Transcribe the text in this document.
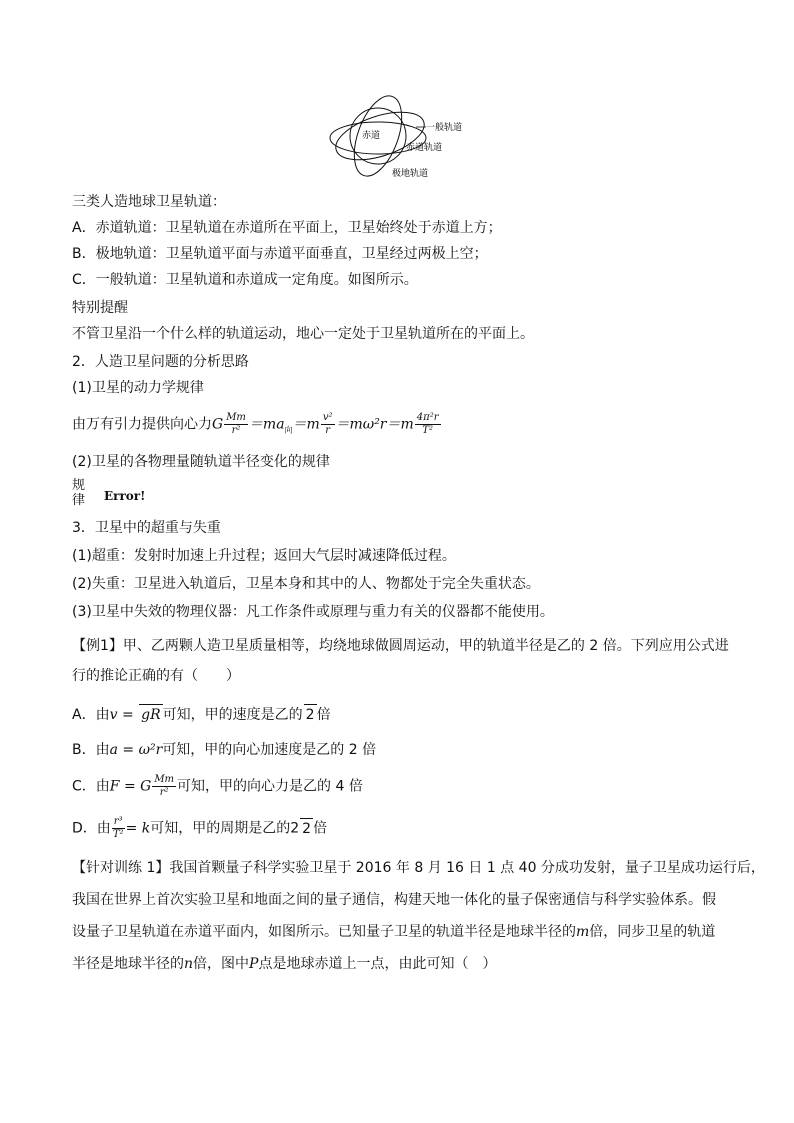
赤道
一般轨道
赤道轨道
极地轨道
三类人造地球卫星轨道：
A．赤道轨道：卫星轨道在赤道所在平面上，卫星始终处于赤道上方；
B．极地轨道：卫星轨道平面与赤道平面垂直，卫星经过两极上空；
C．一般轨道：卫星轨道和赤道成一定角度。如图所示。
特别提醒
不管卫星沿一个什么样的轨道运动，地心一定处于卫星轨道所在的平面上。
2．人造卫星问题的分析思路
(1)卫星的动力学规律
由万有引力提供向心力G $\frac{Mm}{\text{r²}} =ma_向=m \frac{\text{v²}}{r} =m\omega^2r=m \frac{\text{4π²r}}{\text{T²}}$
(2)卫星的各物理量随轨道半径变化的规律
规
律	Error!
3．卫星中的超重与失重
(1)超重：发射时加速上升过程；返回大气层时减速降低过程。
(2)失重：卫星进入轨道后，卫星本身和其中的人、物都处于完全失重状态。
(3)卫星中失效的物理仪器：凡工作条件或原理与重力有关的仪器都不能使用。
【例1】甲、乙两颗人造卫星质量相等，均绕地球做圆周运动，甲的轨道半径是乙的 2 倍。下列应用公式进
行的推论正确的有（　　）
A．由v = gR 可知，甲的速度是乙的 2 倍
B．由a = ω²r可知，甲的向心加速度是乙的 2 倍
C．由F = G $\frac{Mm}{\text{r²}}$ 可知，甲的向心力是乙的 4 倍
D．由 $\frac{\text{r³}}{\text{T²}} = k$可知，甲的周期是乙的2 2 倍
【针对训练 1】我国首颗量子科学实验卫星于 2016 年 8 月 16 日 1 点 40 分成功发射，量子卫星成功运行后，
我国在世界上首次实验卫星和地面之间的量子通信，构建天地一体化的量子保密通信与科学实验体系。假
设量子卫星轨道在赤道平面内，如图所示。已知量子卫星的轨道半径是地球半径的m倍，同步卫星的轨道
半径是地球半径的n倍，图中P点是地球赤道上一点，由此可知（　）
